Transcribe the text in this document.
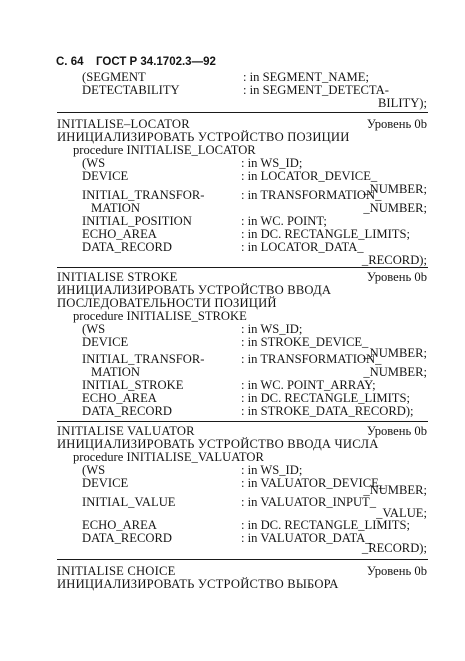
С. 64 ГОСТ Р 34.1702.3—92
(SEGMENT	: in SEGMENT_NAME;
DETECTABILITY	: in SEGMENT_DETECTA-
BILITY);
INITIALISE–LOCATOR	Уровень 0b
ИНИЦИАЛИЗИРОВАТЬ УСТРОЙСТВО ПОЗИЦИИ
procedure INITIALISE_LOCATOR
(WS	: in WS_ID;
DEVICE	: in LOCATOR_DEVICE_
_NUMBER;
INITIAL_TRANSFOR-	: in TRANSFORMATION_
MATION	_NUMBER;
INITIAL_POSITION	: in WC. POINT;
ECHO_AREA	: in DC. RECTANGLE_LIMITS;
DATA_RECORD	: in LOCATOR_DATA_
_RECORD);
INITIALISE STROKE	Уровень 0b
ИНИЦИАЛИЗИРОВАТЬ УСТРОЙСТВО ВВОДА
ПОСЛЕДОВАТЕЛЬНОСТИ ПОЗИЦИЙ
procedure INITIALISE_STROKE
(WS	: in WS_ID;
DEVICE	: in STROKE_DEVICE_
_NUMBER;
INITIAL_TRANSFOR-	: in TRANSFORMATION_
MATION	_NUMBER;
INITIAL_STROKE	: in WC. POINT_ARRAY;
ECHO_AREA	: in DC. RECTANGLE_LIMITS;
DATA_RECORD	: in STROKE_DATA_RECORD);
INITIALISE VALUATOR	Уровень 0b
ИНИЦИАЛИЗИРОВАТЬ УСТРОЙСТВО ВВОДА ЧИСЛА
procedure INITIALISE_VALUATOR
(WS	: in WS_ID;
DEVICE	: in VALUATOR_DEVICE_
_NUMBER;
INITIAL_VALUE	: in VALUATOR_INPUT_
_VALUE;
ECHO_AREA	: in DC. RECTANGLE_LIMITS;
DATA_RECORD	: in VALUATOR_DATA_
_RECORD);
INITIALISE CHOICE	Уровень 0b
ИНИЦИАЛИЗИРОВАТЬ УСТРОЙСТВО ВЫБОРА
